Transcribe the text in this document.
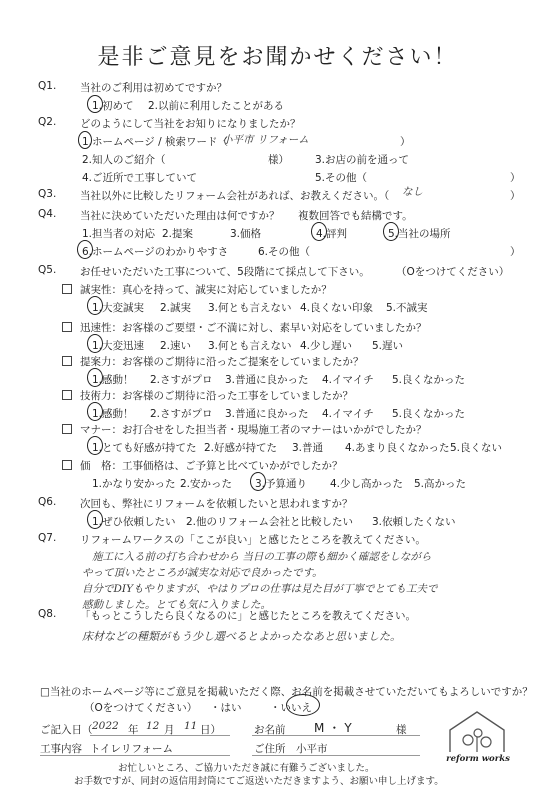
是非ご意見をお聞かせください！
Q1. 当社のご利用は初めてですか？
1.初めて 2.以前に利用したことがある
Q2. どのようにして当社をお知りになりましたか？
1.ホームページ / 検索ワード（
小平市 リフォーム	）
2.知人のご紹介（	様） 3.お店の前を通って
4.ご近所で工事していて	5.その他（	）
Q3. 当社以外に比較したリフォーム会社があれば、お教えください。（ なし	）
Q4. 当社に決めていただいた理由は何ですか？ 複数回答でも結構です。
1.担当者の対応 2.提案	3.価格	4.評判	5.当社の場所
6.ホームページのわかりやすさ	6.その他（	）
Q5. お任せいただいた工事について、5段階にて採点して下さい。 （Oをつけてください）
誠実性：真心を持って、誠実に対応していましたか？
1.大変誠実 2.誠実 3.何とも言えない 4.良くない印象 5.不誠実
迅速性：お客様のご要望・ご不満に対し、素早い対応をしていましたか？
1.大変迅速 2.速い 3.何とも言えない 4.少し遅い 5.遅い
提案力：お客様のご期待に沿ったご提案をしていましたか？
1.感動！ 2.さすがプロ 3.普通に良かった 4.イマイチ 5.良くなかった
技術力：お客様のご期待に沿った工事をしていましたか？
1.感動！ 2.さすがプロ 3.普通に良かった 4.イマイチ 5.良くなかった
マナー：お打合せをした担当者・現場施工者のマナーはいかがでしたか？
1.とても好感が持てた 2.好感が持てた 3.普通 4.あまり良くなかった 5.良くない
価　格：工事価格は、ご予算と比べていかがでしたか？
1.かなり安かった 2.安かった 3.予算通り 4.少し高かった 5.高かった
Q6. 次回も、弊社にリフォームを依頼したいと思われますか？
1.ぜひ依頼したい 2.他のリフォーム会社と比較したい 3.依頼したくない
Q7. リフォームワークスの「ここが良い」と感じたところを教えてください。
施工に入る前の打ち合わせから 当日の工事の際も細かく確認をしながら
やって頂いたところが誠実な対応で良かったです。
自分でDIYもやりますが、やはりプロの仕事は見た目が丁寧でとても工夫で
感動しました。とても気に入りました。
Q8. 「もっとこうしたら良くなるのに」と感じたところを教えてください。
床材などの種類がもう少し選べるとよかったなあと思いました。
□当社のホームページ等にご意見を掲載いただく際、お名前を掲載させていただいてもよろしいですか？
（Oをつけてください） ・はい	・いいえ
ご記入日（ 2022 年 12 月 11 日）	お名前 M・Y	様
工事内容 トイレリフォーム	ご住所 小平市
お忙しいところ、ご協力いただき誠に有難うございました。
お手数ですが、同封の返信用封筒にてご返送いただきますよう、お願い申し上げます。
reform works
